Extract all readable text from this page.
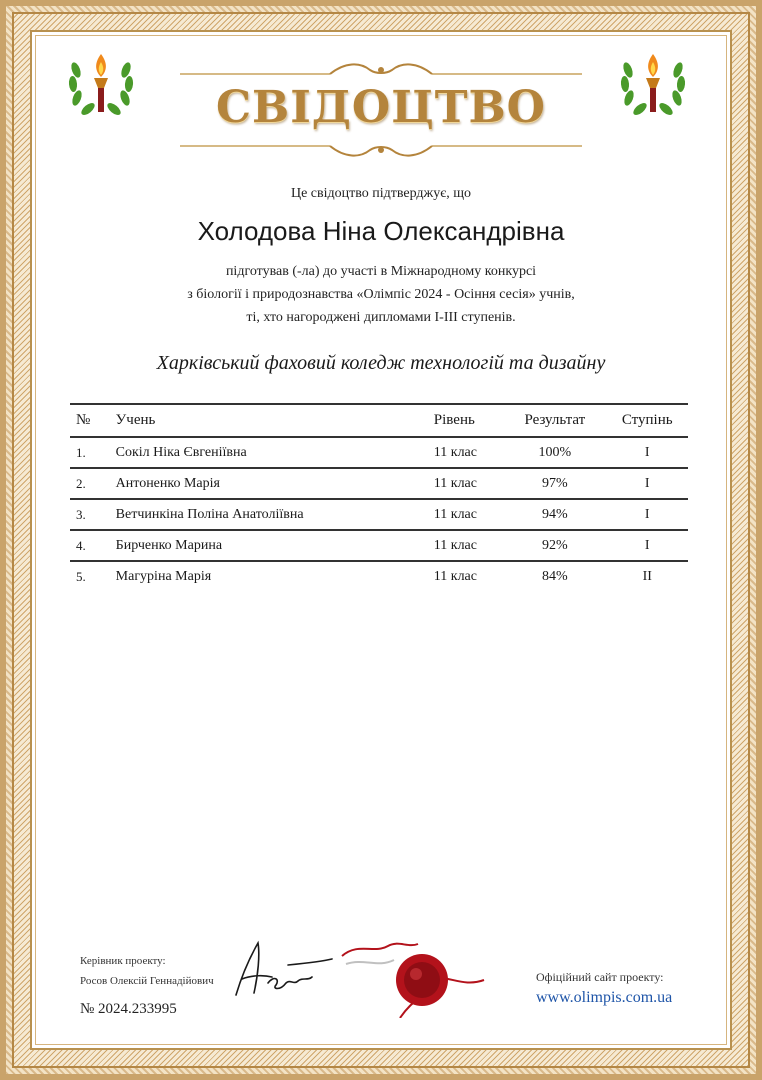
СВІДОЦТВО
Це свідоцтво підтверджує, що
Холодова Ніна Олександрівна
підготував (-ла) до участі в Міжнародному конкурсі
з біології і природознавства «Олімпіс 2024 - Осіння сесія» учнів,
ті, хто нагороджені дипломами I-III ступенів.
Харківський фаховий коледж технологій та дизайну
№	Учень	Рівень	Результат	Ступінь
1.	Сокіл Ніка Євгеніївна	11 клас	100%	I
2.	Антоненко Марія	11 клас	97%	I
3.	Ветчинкіна Поліна Анатоліївна	11 клас	94%	I
4.	Бирченко Марина	11 клас	92%	I
5.	Магуріна Марія	11 клас	84%	II
Керівник проекту:
Росов Олексій Геннадійович
№ 2024.233995
Офіційний сайт проекту:
www.olimpis.com.ua
